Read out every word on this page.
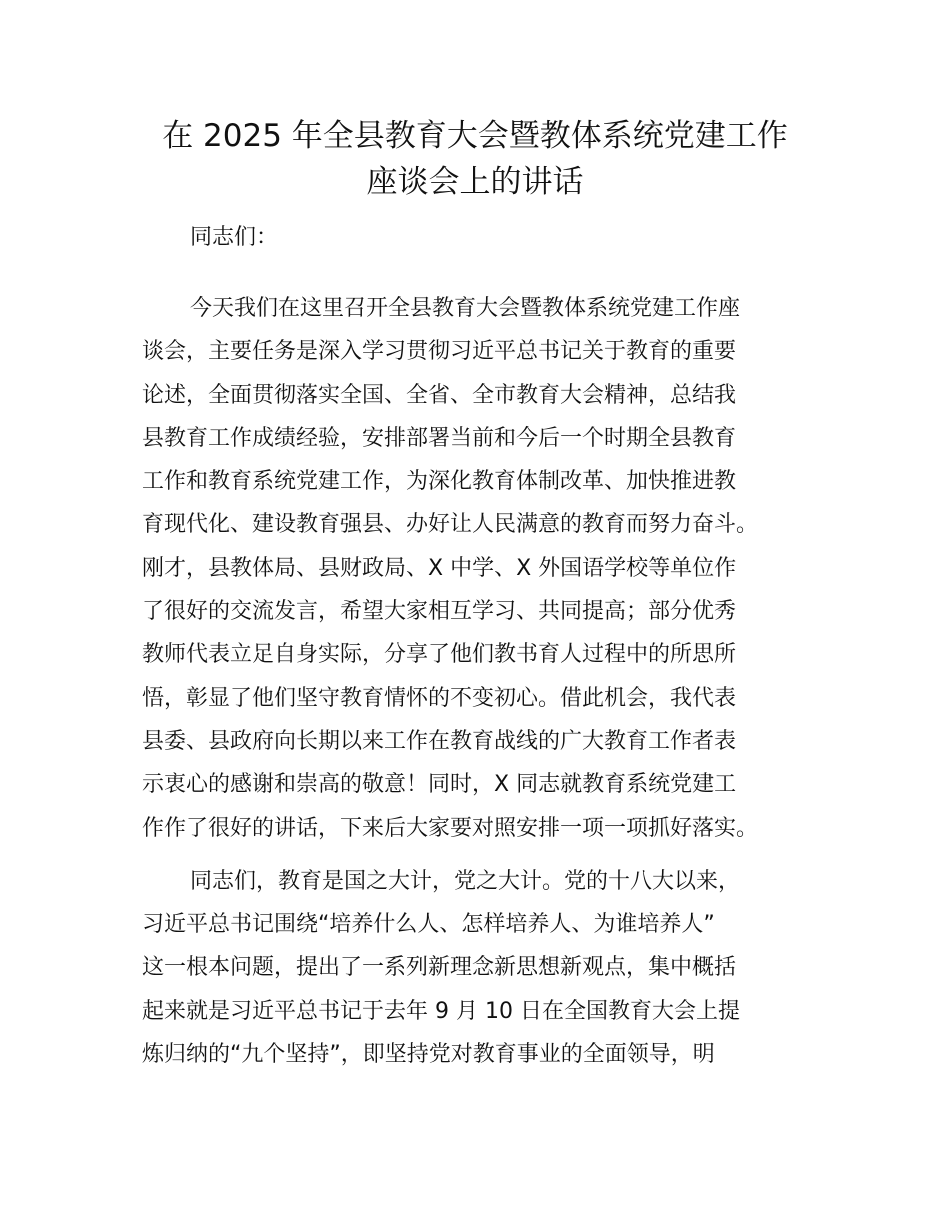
在 2025 年全县教育大会暨教体系统党建工作
座谈会上的讲话

同志们：

今天我们在这里召开全县教育大会暨教体系统党建工作座
谈会，主要任务是深入学习贯彻习近平总书记关于教育的重要
论述，全面贯彻落实全国、全省、全市教育大会精神，总结我
县教育工作成绩经验，安排部署当前和今后一个时期全县教育
工作和教育系统党建工作，为深化教育体制改革、加快推进教
育现代化、建设教育强县、办好让人民满意的教育而努力奋斗。
刚才，县教体局、县财政局、X 中学、X 外国语学校等单位作
了很好的交流发言，希望大家相互学习、共同提高；部分优秀
教师代表立足自身实际，分享了他们教书育人过程中的所思所
悟，彰显了他们坚守教育情怀的不变初心。借此机会，我代表
县委、县政府向长期以来工作在教育战线的广大教育工作者表
示衷心的感谢和崇高的敬意！同时，X 同志就教育系统党建工
作作了很好的讲话，下来后大家要对照安排一项一项抓好落实。

同志们，教育是国之大计，党之大计。党的十八大以来，
习近平总书记围绕“培养什么人、怎样培养人、为谁培养人”
这一根本问题，提出了一系列新理念新思想新观点，集中概括
起来就是习近平总书记于去年 9 月 10 日在全国教育大会上提
炼归纳的“九个坚持”，即坚持党对教育事业的全面领导，明
